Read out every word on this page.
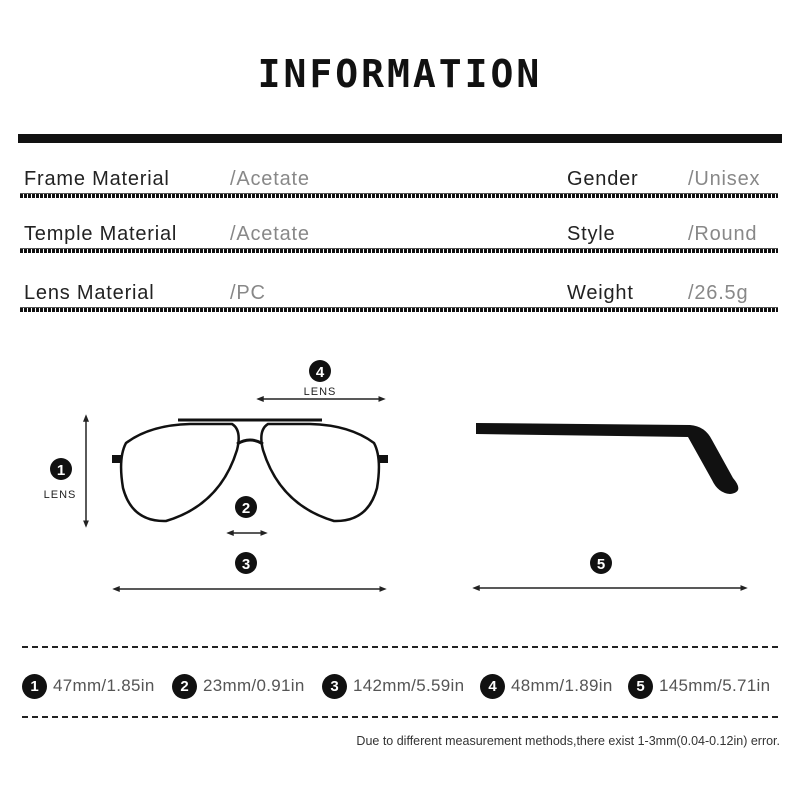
INFORMATION
Frame Material	/Acetate	Gender /Unisex
Temple Material	/Acetate	Style	/Round
Lens Material	/PC	Weight	/26.5g
1
LENS
4
LENS
2
3	5
1 47mm/1.85in	2 23mm/0.91in	3 142mm/5.59in	4 48mm/1.89in	5 145mm/5.71in
Due to different measurement methods,there exist 1-3mm(0.04-0.12in) error.
